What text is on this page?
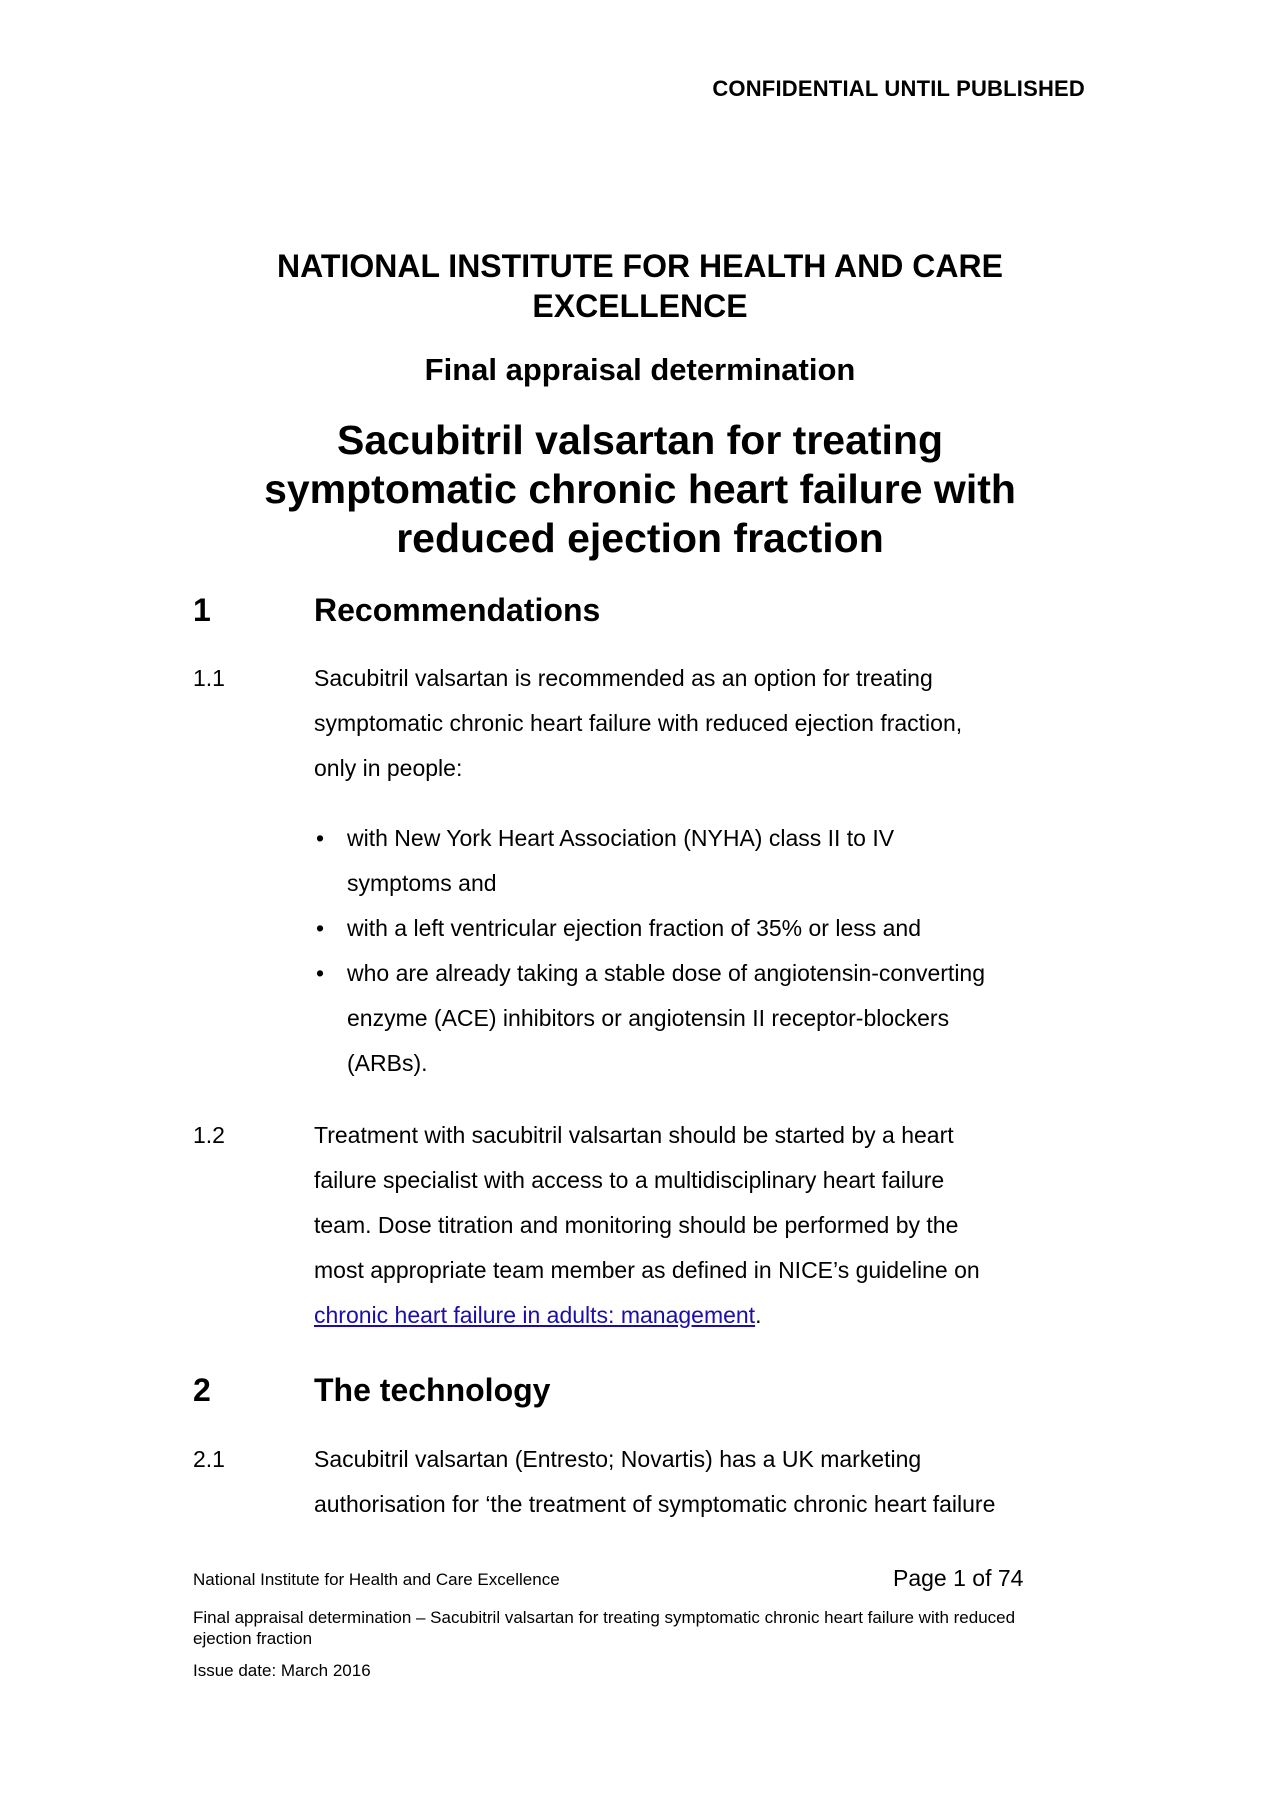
CONFIDENTIAL UNTIL PUBLISHED
NATIONAL INSTITUTE FOR HEALTH AND CARE
EXCELLENCE
Final appraisal determination
Sacubitril valsartan for treating
symptomatic chronic heart failure with
reduced ejection fraction
1	Recommendations
1.1	Sacubitril valsartan is recommended as an option for treating
symptomatic chronic heart failure with reduced ejection fraction,
only in people:
• with New York Heart Association (NYHA) class II to IV
symptoms and
• with a left ventricular ejection fraction of 35% or less and
• who are already taking a stable dose of angiotensin-converting
enzyme (ACE) inhibitors or angiotensin II receptor-blockers
(ARBs).
1.2	Treatment with sacubitril valsartan should be started by a heart
failure specialist with access to a multidisciplinary heart failure
team. Dose titration and monitoring should be performed by the
most appropriate team member as defined in NICE’s guideline on
chronic heart failure in adults: management.
2	The technology
2.1	Sacubitril valsartan (Entresto; Novartis) has a UK marketing
authorisation for ‘the treatment of symptomatic chronic heart failure
National Institute for Health and Care Excellence	Page 1 of 74
Final appraisal determination – Sacubitril valsartan for treating symptomatic chronic heart failure with reduced ejection fraction
Issue date: March 2016
